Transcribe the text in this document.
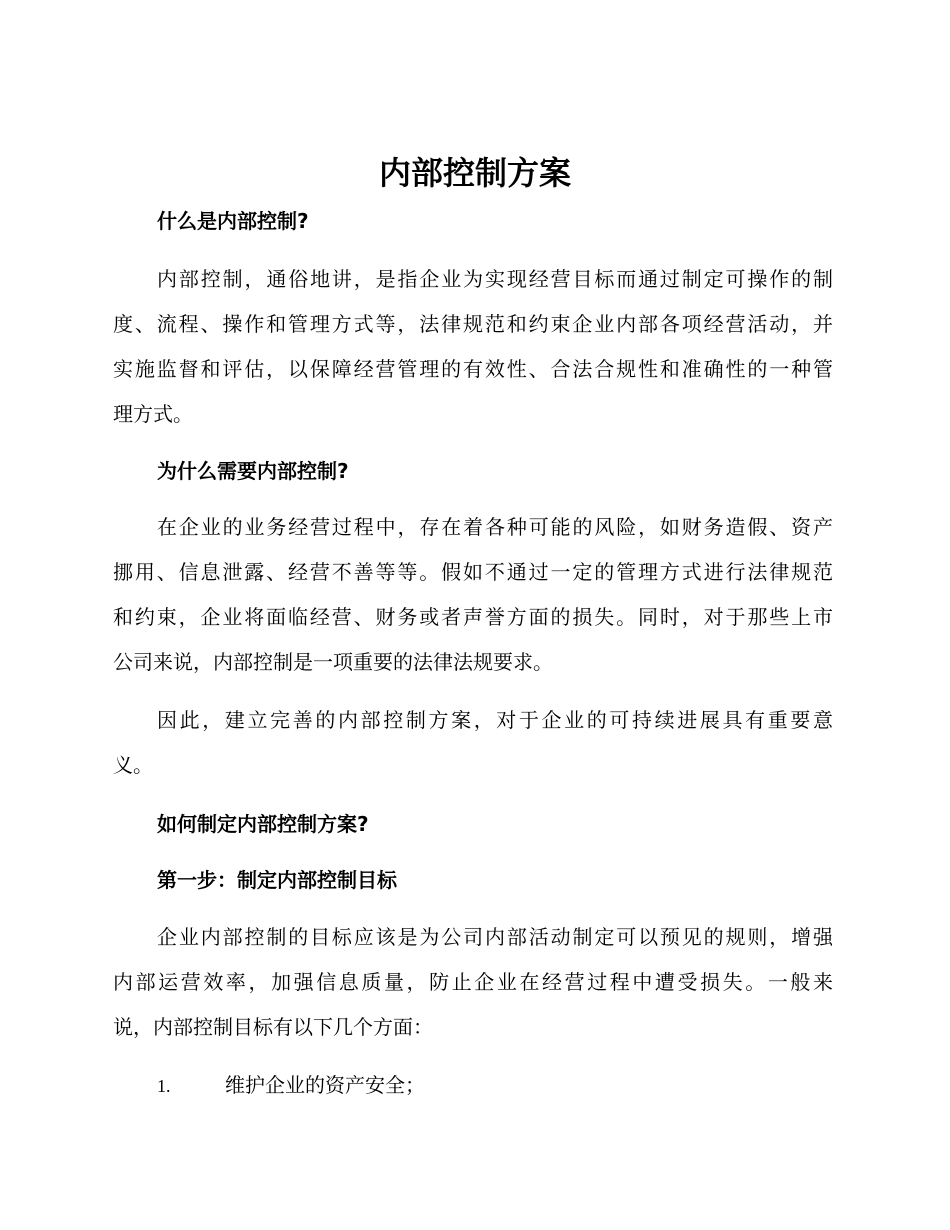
内部控制方案
什么是内部控制?
内部控制，通俗地讲，是指企业为实现经营目标而通过制定可操作的制
度、流程、操作和管理方式等，法律规范和约束企业内部各项经营活动，并
实施监督和评估，以保障经营管理的有效性、合法合规性和准确性的一种管
理方式。
为什么需要内部控制?
在企业的业务经营过程中，存在着各种可能的风险，如财务造假、资产
挪用、信息泄露、经营不善等等。假如不通过一定的管理方式进行法律规范
和约束，企业将面临经营、财务或者声誉方面的损失。同时，对于那些上市
公司来说，内部控制是一项重要的法律法规要求。
因此，建立完善的内部控制方案，对于企业的可持续进展具有重要意
义。
如何制定内部控制方案?
第一步：制定内部控制目标
企业内部控制的目标应该是为公司内部活动制定可以预见的规则，增强
内部运营效率，加强信息质量，防止企业在经营过程中遭受损失。一般来
说，内部控制目标有以下几个方面：
1.	维护企业的资产安全；
